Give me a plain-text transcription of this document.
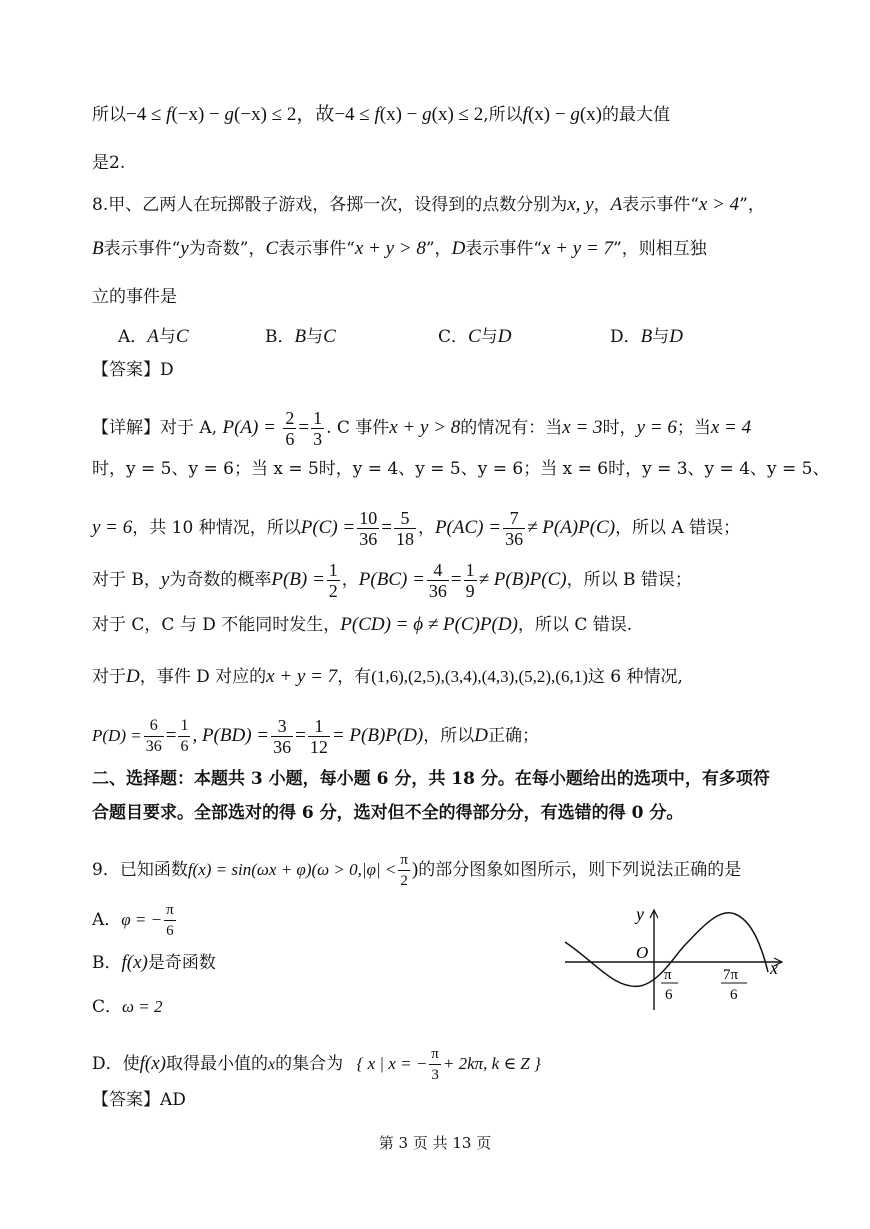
所以−4 ≤ f(−x) − g(−x) ≤ 2，故−4 ≤ f(x) − g(x) ≤ 2,所以f(x) − g(x)的最大值
是2.
8.甲、乙两人在玩掷骰子游戏，各掷一次，设得到的点数分别为x, y，A表示事件“x > 4”，
B表示事件“y为奇数”，C表示事件“x + y > 8”，D表示事件“x + y = 7”，则相互独
立的事件是
A．A与C	B．B与C	C．C与D	D．B与D
【答案】D
【详解】对于 A, $P(A) = \frac{2}{6} = \frac{1}{3}$ . C 事件x + y > 8的情况有：当x = 3时，y = 6；当x = 4
时，y = 5、y = 6；当 x = 5时，y = 4、y = 5、y = 6；当 x = 6时，y = 3、y = 4、y = 5、
y = 6，共 10 种情况，所以$P(C) = \frac{10}{36} = \frac{5}{18}$ ，$P(AC) = \frac{7}{36} \ne P(A)P(C)$，所以 A 错误；
对于 B，y为奇数的概率$P(B) = \frac{1}{2}$ ，$P(BC) = \frac{4}{36} = \frac{1}{9} \ne P(B)P(C)$，所以 B 错误；
对于 C，C 与 D 不能同时发生，P(CD) = ϕ ≠ P(C)P(D)，所以 C 错误.
对于D，事件 D 对应的x + y = 7，有(1,6),(2,5),(3,4),(4,3),(5,2),(6,1)这 6 种情况,
$P(D) = \frac{6}{36} = \frac{1}{6}$ , $P(BD) = \frac{3}{36} = \frac{1}{12} = P(B)P(D)$，所以D正确；
二、选择题：本题共 3 小题，每小题 6 分，共 18 分。在每小题给出的选项中，有多项符
合题目要求。全部选对的得 6 分，选对但不全的得部分分，有选错的得 0 分。
9．已知函数$f(x) = \sin(\omega x + \varphi)(\omega > 0,|\varphi| < \frac{\pi}{2}$ )的部分图象如图所示，则下列说法正确的是
A．φ = − $\frac{\pi}{6}$
B．f(x)是奇函数
C．ω = 2
D．使f(x)取得最小值的x的集合为 { x | x = − $\frac{\pi}{3} + 2k\pi$, k ∈ Z }
【答案】AD
y
x
O
π
6
7π
6
第 3 页 共 13 页
